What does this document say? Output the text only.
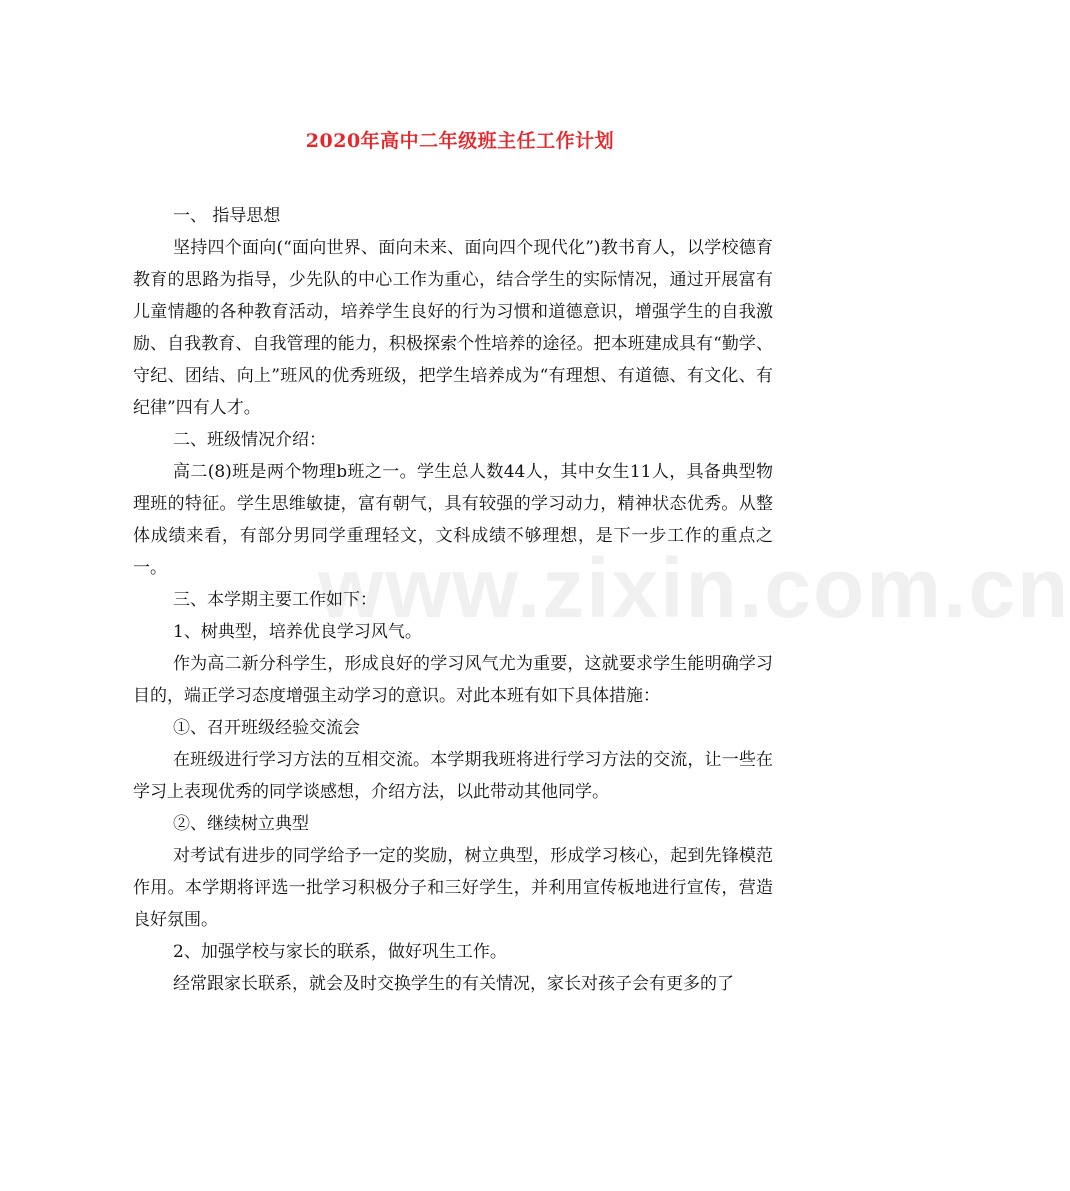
2020年高中二年级班主任工作计划

一、 指导思想

坚持四个面向(“面向世界、面向未来、面向四个现代化”)教书育人，以学校德育教育的思路为指导，少先队的中心工作为重心，结合学生的实际情况，通过开展富有儿童情趣的各种教育活动，培养学生良好的行为习惯和道德意识，增强学生的自我激励、自我教育、自我管理的能力，积极探索个性培养的途径。把本班建成具有“勤学、守纪、团结、向上”班风的优秀班级，把学生培养成为“有理想、有道德、有文化、有纪律”四有人才。

二、班级情况介绍：

高二(8)班是两个物理b班之一。学生总人数44人，其中女生11人，具备典型物理班的特征。学生思维敏捷，富有朝气，具有较强的学习动力，精神状态优秀。从整体成绩来看，有部分男同学重理轻文，文科成绩不够理想，是下一步工作的重点之一。

三、本学期主要工作如下：

1、树典型，培养优良学习风气。

作为高二新分科学生，形成良好的学习风气尤为重要，这就要求学生能明确学习目的，端正学习态度增强主动学习的意识。对此本班有如下具体措施：

①、召开班级经验交流会

在班级进行学习方法的互相交流。本学期我班将进行学习方法的交流，让一些在学习上表现优秀的同学谈感想，介绍方法，以此带动其他同学。

②、继续树立典型

对考试有进步的同学给予一定的奖励，树立典型，形成学习核心，起到先锋模范作用。本学期将评选一批学习积极分子和三好学生，并利用宣传板地进行宣传，营造良好氛围。

2、加强学校与家长的联系，做好巩生工作。

经常跟家长联系，就会及时交换学生的有关情况，家长对孩子会有更多的了

www.zixin.com.cn
